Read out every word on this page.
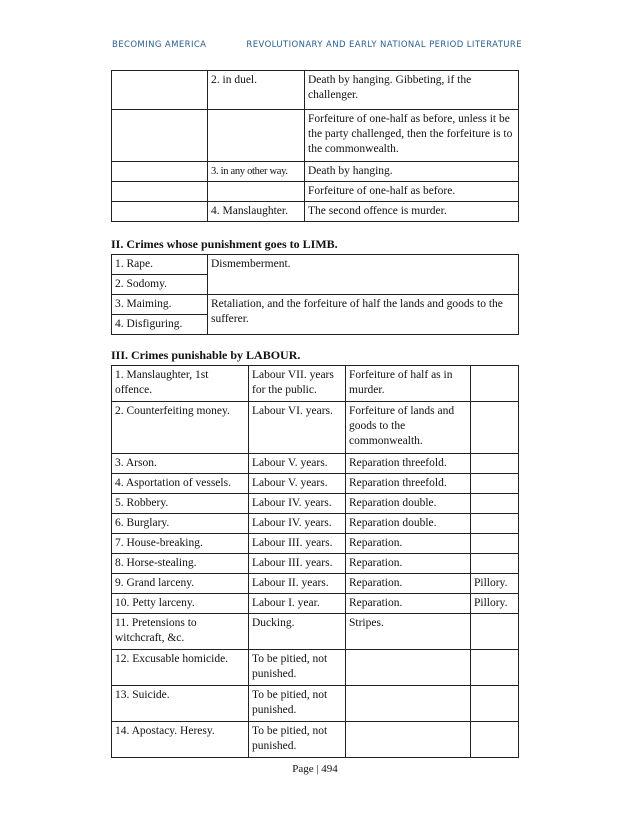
BECOMING AMERICA	REVOLUTIONARY AND EARLY NATIONAL PERIOD LITERATURE
	2. in duel.	Death by hanging. Gibbeting, if the challenger.
		Forfeiture of one-half as before, unless it be the party challenged, then the forfeiture is to the commonwealth.
	3. in any other way.	Death by hanging.
		Forfeiture of one-half as before.
	4. Manslaughter.	The second offence is murder.
II. Crimes whose punishment goes to LIMB.
1. Rape.	Dismemberment.
2. Sodomy.	
3. Maiming.	Retaliation, and the forfeiture of half the lands and goods to the sufferer.
4. Disfiguring.	
III. Crimes punishable by LABOUR.
1. Manslaughter, 1st offence.	Labour VII. years for the public.	Forfeiture of half as in murder.	
2. Counterfeiting money.	Labour VI. years.	Forfeiture of lands and goods to the commonwealth.	
3. Arson.	Labour V. years.	Reparation threefold.	
4. Asportation of vessels.	Labour V. years.	Reparation threefold.	
5. Robbery.	Labour IV. years.	Reparation double.	
6. Burglary.	Labour IV. years.	Reparation double.	
7. House-breaking.	Labour III. years.	Reparation.	
8. Horse-stealing.	Labour III. years.	Reparation.	
9. Grand larceny.	Labour II. years.	Reparation.	Pillory.
10. Petty larceny.	Labour I. year.	Reparation.	Pillory.
11. Pretensions to witchcraft, &c.	Ducking.	Stripes.	
12. Excusable homicide.	To be pitied, not punished.		
13. Suicide.	To be pitied, not punished.		
14. Apostacy. Heresy.	To be pitied, not punished.		
Page | 494
